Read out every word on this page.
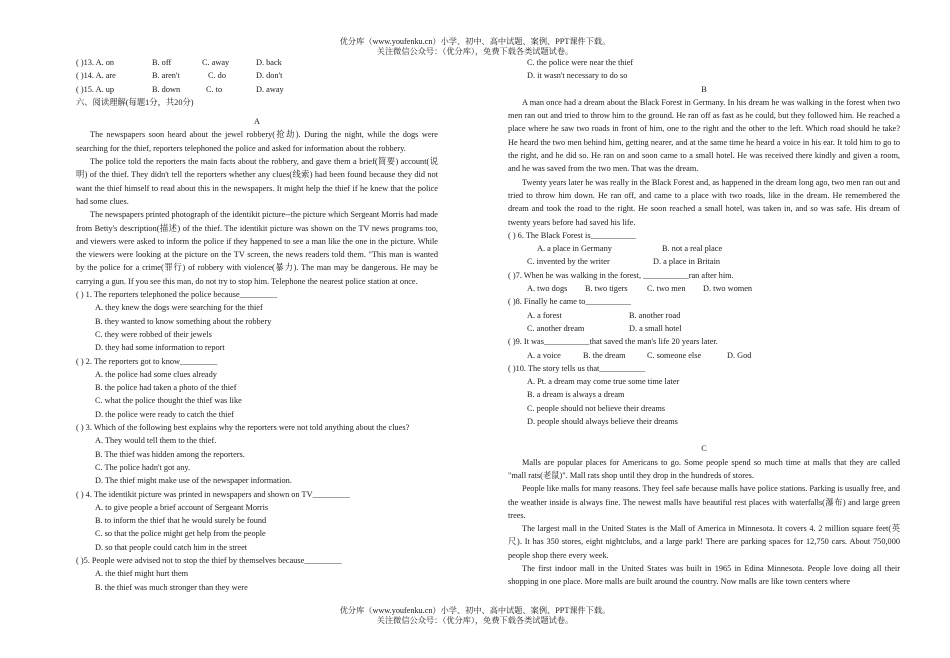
优分库（www.youfenku.cn）小学、初中、高中试题、案例、PPT课件下载。
关注微信公众号：（优分库），免费下载各类试题试卷。
( )13. A. on	B. off	C. away	D. back
( )14. A. are	B. aren't	C. do	D. don't
( )15. A. up	B. down	C. to	D. away
六、阅读理解(每题1分，共20分)
A
The newspapers soon heard about the jewel robbery(抢劫). During the night, while the dogs were searching for the thief, reporters telephoned the police and asked for information about the robbery.
The police told the reporters the main facts about the robbery, and gave them a brief(简要) account(说明) of the thief. They didn't tell the reporters whether any clues(线索) had been found because they did not want the thief himself to read about this in the newspapers. It might help the thief if he knew that the police had some clues.
The newspapers printed photograph of the identikit picture--the picture which Sergeant Morris had made from Betty's description(描述) of the thief. The identikit picture was shown on the TV news programs too, and viewers were asked to inform the police if they happened to see a man like the one in the picture. While the viewers were looking at the picture on the TV screen, the news readers told them. "This man is wanted by the police for a crime(罪行) of robbery with violence(暴力). The man may be dangerous. He may be carrying a gun. If you see this man, do not try to stop him. Telephone the nearest police station at once.
( ) 1. The reporters telephoned the police because_________
A. they knew the dogs were searching for the thief
B. they wanted to know something about the robbery
C. they were robbed of their jewels
D. they had some information to report
( ) 2. The reporters got to know_________
A. the police had some clues already
B. the police had taken a photo of the thief
C. what the police thought the thief was like
D. the police were ready to catch the thief
( ) 3. Which of the following best explains why the reporters were not told anything about the clues?
A. They would tell them to the thief.
B. The thief was hidden among the reporters.
C. The police hadn't got any.
D. The thief might make use of the newspaper information.
( ) 4. The identikit picture was printed in newspapers and shown on TV_________
A. to give people a brief account of Sergeant Morris
B. to inform the thief that he would surely be found
C. so that the police might get help from the people
D. so that people could catch him in the street
( )5. People were advised not to stop the thief by themselves because_________
A. the thief might hurt them
B. the thief was much stronger than they were
C. the police were near the thief
D. it wasn't necessary to do so
B
A man once had a dream about the Black Forest in Germany. In his dream he was walking in the forest when two men ran out and tried to throw him to the ground. He ran off as fast as he could, but they followed him. He reached a place where he saw two roads in front of him, one to the right and the other to the left. Which road should he take? He heard the two men behind him, getting nearer, and at the same time he heard a voice in his ear. It told him to go to the right, and he did so. He ran on and soon came to a small hotel. He was received there kindly and given a room, and he was saved from the two men. That was the dream.
Twenty years later he was really in the Black Forest and, as happened in the dream long ago, two men ran out and tried to throw him down. He ran off, and came to a place with two roads, like in the dream. He remembered the dream and took the road to the right. He soon reached a small hotel, was taken in, and so was safe. His dream of twenty years before had saved his life.
( ) 6. The Black Forest is___________
A. a place in Germany	B. not a real place
C. invented by the writer	D. a place in Britain
( )7. When he was walking in the forest, ___________ran after him.
A. two dogs	B. two tigers	C. two men	D. two women
( )8. Finally he came to___________
A. a forest	B. another road
C. another dream	D. a small hotel
( )9. It was___________that saved the man's life 20 years later.
A. a voice	B. the dream	C. someone else	D. God
( )10. The story tells us that___________
A. Pt. a dream may come true some time later
B. a dream is always a dream
C. people should not believe their dreams
D. people should always believe their dreams
C
Malls are popular places for Americans to go. Some people spend so much time at malls that they are called "mall rats(老鼠)". Mall rats shop until they drop in the hundreds of stores.
People like malls for many reasons. They feel safe because malls have police stations. Parking is usually free, and the weather inside is always fine. The newest malls have beautiful rest places with waterfalls(瀑布) and large green trees.
The largest mall in the United States is the Mall of America in Minnesota. It covers 4. 2 million square feet(英尺). It has 350 stores, eight nightclubs, and a large park! There are parking spaces for 12,750 cars. About 750,000 people shop there every week.
The first indoor mall in the United States was built in 1965 in Edina Minnesota. People love doing all their shopping in one place. More malls are built around the country. Now malls are like town centers where
优分库（www.youfenku.cn）小学、初中、高中试题、案例、PPT课件下载。
关注微信公众号：（优分库），免费下载各类试题试卷。
